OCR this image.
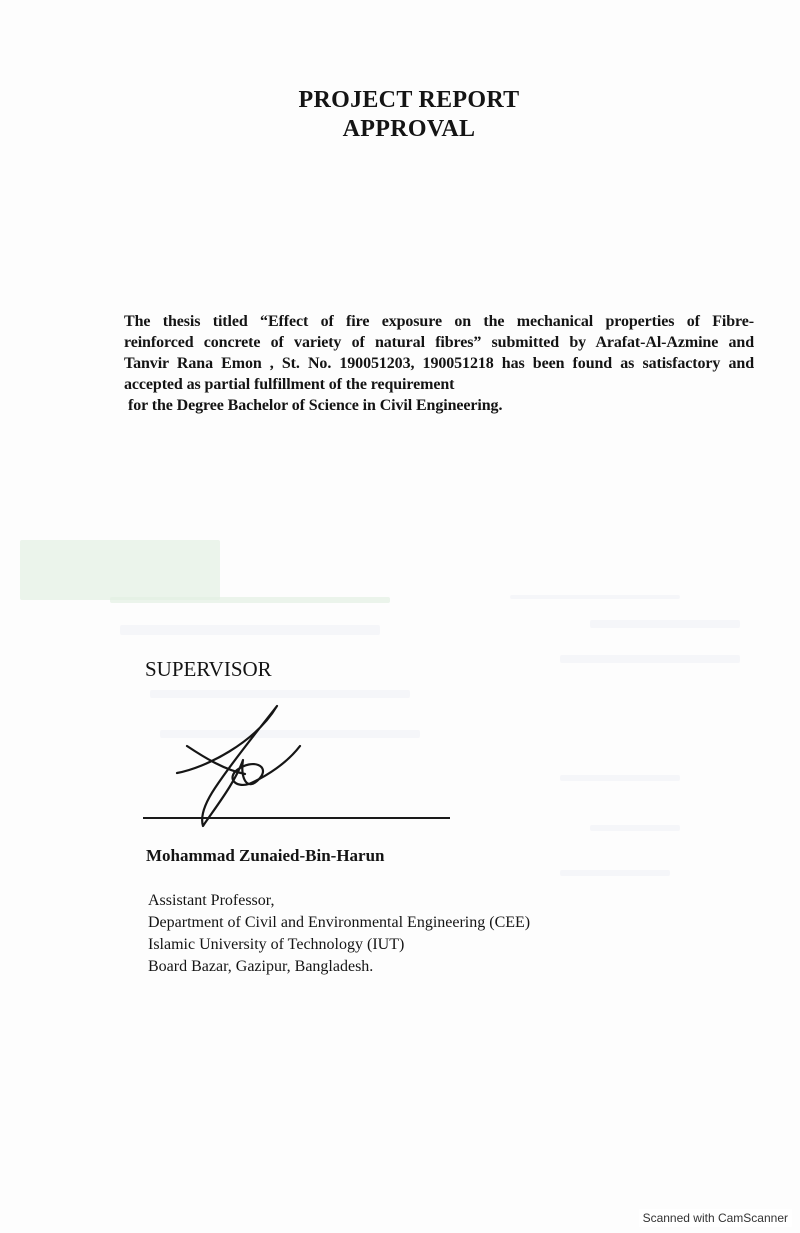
PROJECT REPORT
APPROVAL
The thesis titled “Effect of fire exposure on the mechanical properties of Fibre-
reinforced concrete of variety of natural fibres” submitted by Arafat-Al-Azmine and
Tanvir Rana Emon , St. No. 190051203, 190051218 has been found as satisfactory and
accepted as partial fulfillment of the requirement
for the Degree Bachelor of Science in Civil Engineering.
SUPERVISOR
Mohammad Zunaied-Bin-Harun
Assistant Professor,
Department of Civil and Environmental Engineering (CEE)
Islamic University of Technology (IUT)
Board Bazar, Gazipur, Bangladesh.
Scanned with CamScanner
